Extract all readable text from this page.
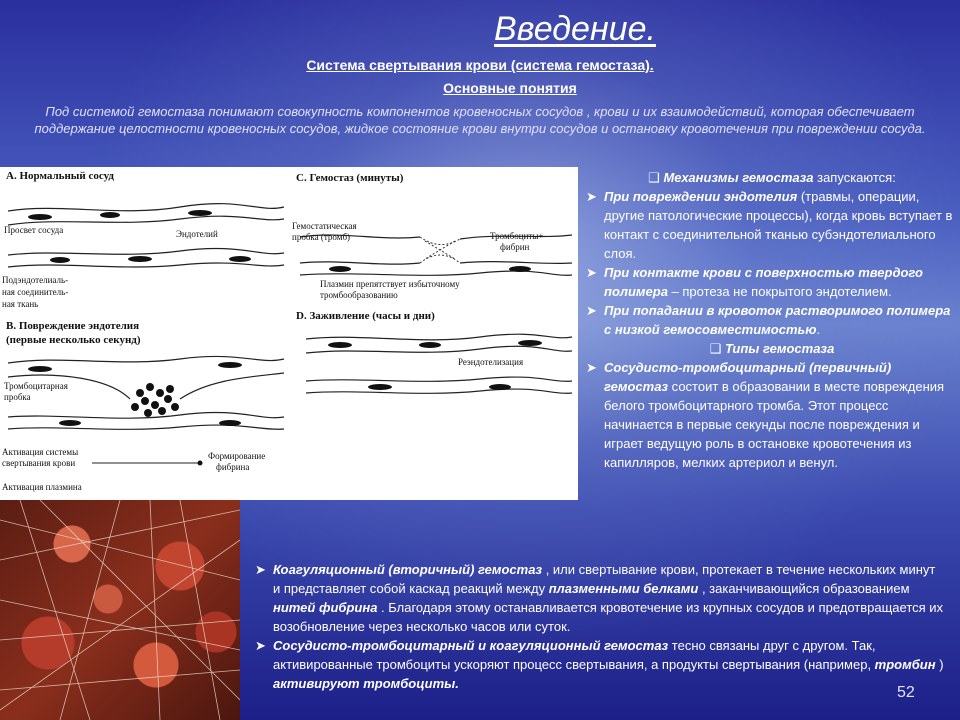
Введение.
Система свертывания крови (система гемостаза).
Основные понятия
Под системой гемостаза понимают совокупность компонентов кровеносных сосудов , крови и их взаимодействий, которая обеспечивает поддержание целостности кровеносных сосудов, жидкое состояние крови внутри сосудов и остановку кровотечения при повреждении сосуда.
А. Нормальный сосуд
Просвет сосуда	Эндотелий
Подэндотелиаль-
ная соединитель-
ная ткань
В. Повреждение эндотелия
(первые несколько секунд)
Тромбоцитарная
пробка
Активация системы
свертывания крови
Активация плазмина
Формирование
фибрина
С. Гемостаз (минуты)
Гемостатическая
пробка (тромб)	Тромбоциты+
фибрин
Плазмин препятствует избыточному
тромбообразованию
D. Заживление (часы и дни)
Реэндотелизация
❑ Механизмы гемостаза запускаются:
➤ При повреждении эндотелия (травмы, операции, другие патологические процессы), когда кровь вступает в контакт с соединительной тканью субэндотелиального слоя.
➤ При контакте крови с поверхностью твердого полимера – протеза не покрытого эндотелием.
➤ При попадании в кровоток растворимого полимера с низкой гемосовместимостью.
❑ Типы гемостаза
➤ Сосудисто-тромбоцитарный (первичный) гемостаз состоит в образовании в месте повреждения белого тромбоцитарного тромба. Этот процесс начинается в первые секунды после повреждения и играет ведущую роль в остановке кровотечения из капилляров, мелких артериол и венул.
➤ Коагуляционный (вторичный) гемостаз , или свертывание крови, протекает в течение нескольких минут и представляет собой каскад реакций между плазменными белками , заканчивающийся образованием нитей фибрина . Благодаря этому останавливается кровотечение из крупных сосудов и предотвращается их возобновление через несколько часов или суток.
➤ Сосудисто-тромбоцитарный и коагуляционный гемостаз тесно связаны друг с другом. Так, активированные тромбоциты ускоряют процесс свертывания, а продукты свертывания (например, тромбин ) активируют тромбоциты.
52
